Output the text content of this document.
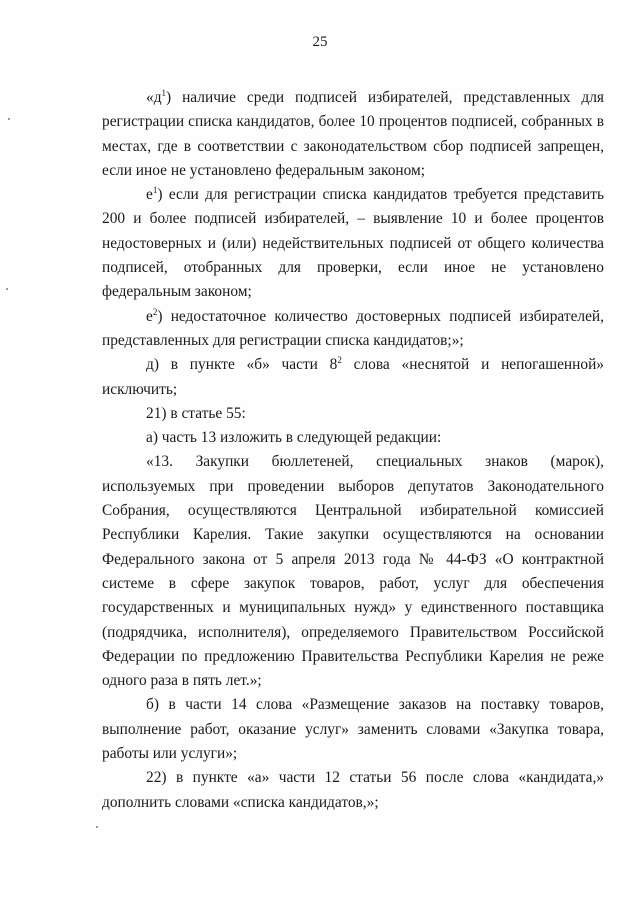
25

«$д^1$) наличие среди подписей избирателей, представленных для регистрации списка кандидатов, более 10 процентов подписей, собранных в местах, где в соответствии с законодательством сбор подписей запрещен, если иное не установлено федеральным законом;

$е^1$) если для регистрации списка кандидатов требуется представить 200 и более подписей избирателей, – выявление 10 и более процентов недостоверных и (или) недействительных подписей от общего количества подписей, отобранных для проверки, если иное не установлено федеральным законом;

$е^2$) недостаточное количество достоверных подписей избирателей, представленных для регистрации списка кандидатов;»;

д) в пункте «б» части $8^2$ слова «неснятой и непогашенной» исключить;

21) в статье 55:

а) часть 13 изложить в следующей редакции:

«13. Закупки бюллетеней, специальных знаков (марок), используемых при проведении выборов депутатов Законодательного Собрания, осуществляются Центральной избирательной комиссией Республики Карелия. Такие закупки осуществляются на основании Федерального закона от 5 апреля 2013 года № 44-ФЗ «О контрактной системе в сфере закупок товаров, работ, услуг для обеспечения государственных и муниципальных нужд» у единственного поставщика (подрядчика, исполнителя), определяемого Правительством Российской Федерации по предложению Правительства Республики Карелия не реже одного раза в пять лет.»;

б) в части 14 слова «Размещение заказов на поставку товаров, выполнение работ, оказание услуг» заменить словами «Закупка товара, работы или услуги»;

22) в пункте «а» части 12 статьи 56 после слова «кандидата,» дополнить словами «списка кандидатов,»;
